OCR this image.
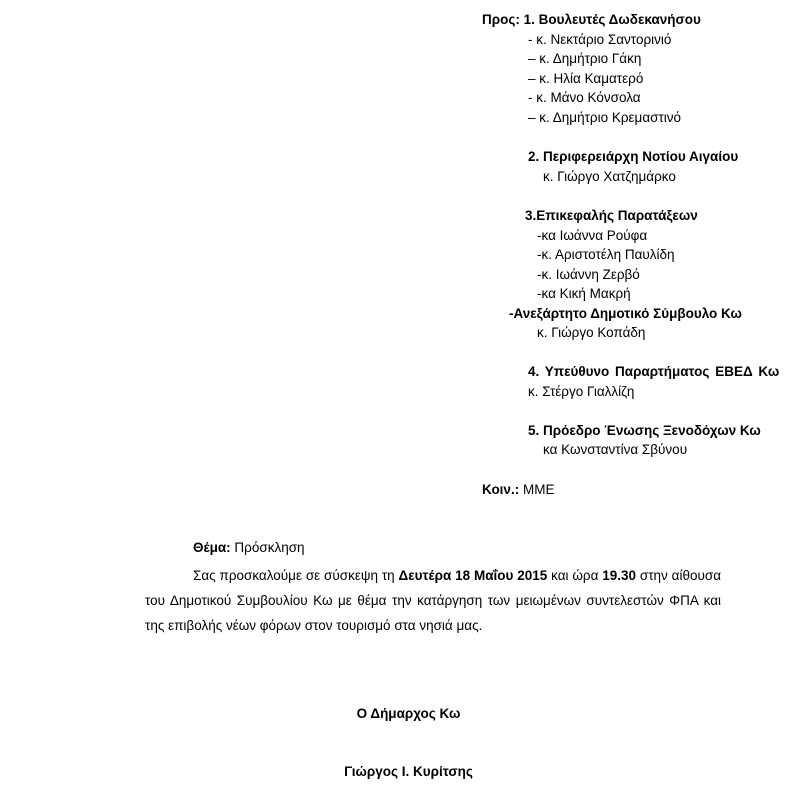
Προς: 1. Βουλευτές Δωδεκανήσου
- κ. Νεκτάριο Σαντορινιό
– κ. Δημήτριο Γάκη
– κ. Ηλία Καματερό
- κ. Μάνο Κόνσολα
– κ. Δημήτριο Κρεμαστινό
2. Περιφερειάρχη Νοτίου Αιγαίου
κ. Γιώργο Χατζημάρκο
3.Επικεφαλής Παρατάξεων
-κα Ιωάννα Ρούφα
-κ. Αριστοτέλη Παυλίδη
-κ. Ιωάννη Ζερβό
-κα Κική Μακρή
-Ανεξάρτητο Δημοτικό Σύμβουλο Κω
κ. Γιώργο Κοπάδη
4. Υπεύθυνο Παραρτήματος ΕΒΕΔ Κω
κ. Στέργο Γιαλλίζη
5. Πρόεδρο Ένωσης Ξενοδόχων Κω
κα Κωνσταντίνα Σβύνου
Κοιν.: ΜΜΕ
Θέμα: Πρόσκληση
Σας προσκαλούμε σε σύσκεψη τη Δευτέρα 18 Μαΐου 2015 και ώρα 19.30 στην αίθουσα του Δημοτικού Συμβουλίου Κω με θέμα την κατάργηση των μειωμένων συντελεστών ΦΠΑ και της επιβολής νέων φόρων στον τουρισμό στα νησιά μας.
Ο Δήμαρχος Κω
Γιώργος Ι. Κυρίτσης
